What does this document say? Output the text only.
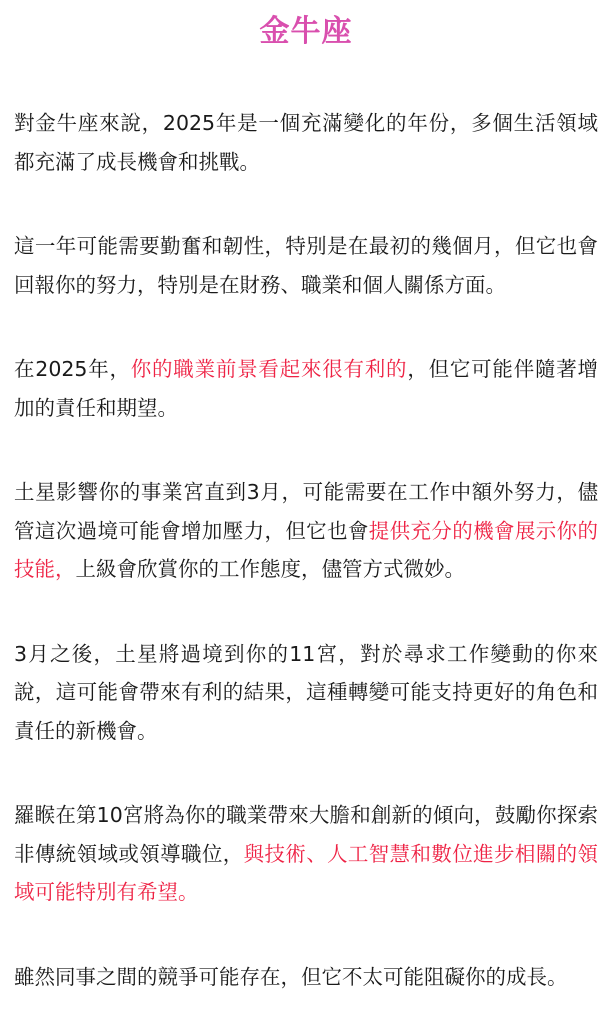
金牛座

對金牛座來說，2025年是一個充滿變化的年份，多個生活領域都充滿了成長機會和挑戰。

這一年可能需要勤奮和韌性，特別是在最初的幾個月，但它也會回報你的努力，特別是在財務、職業和個人關係方面。

在2025年，你的職業前景看起來很有利的，但它可能伴隨著增加的責任和期望。

土星影響你的事業宮直到3月，可能需要在工作中額外努力，儘管這次過境可能會增加壓力，但它也會提供充分的機會展示你的技能，上級會欣賞你的工作態度，儘管方式微妙。

3月之後，土星將過境到你的11宮，對於尋求工作變動的你來說，這可能會帶來有利的結果，這種轉變可能支持更好的角色和責任的新機會。

羅睺在第10宮將為你的職業帶來大膽和創新的傾向，鼓勵你探索非傳統領域或領導職位，與技術、人工智慧和數位進步相關的領域可能特別有希望。

雖然同事之間的競爭可能存在，但它不太可能阻礙你的成長。
